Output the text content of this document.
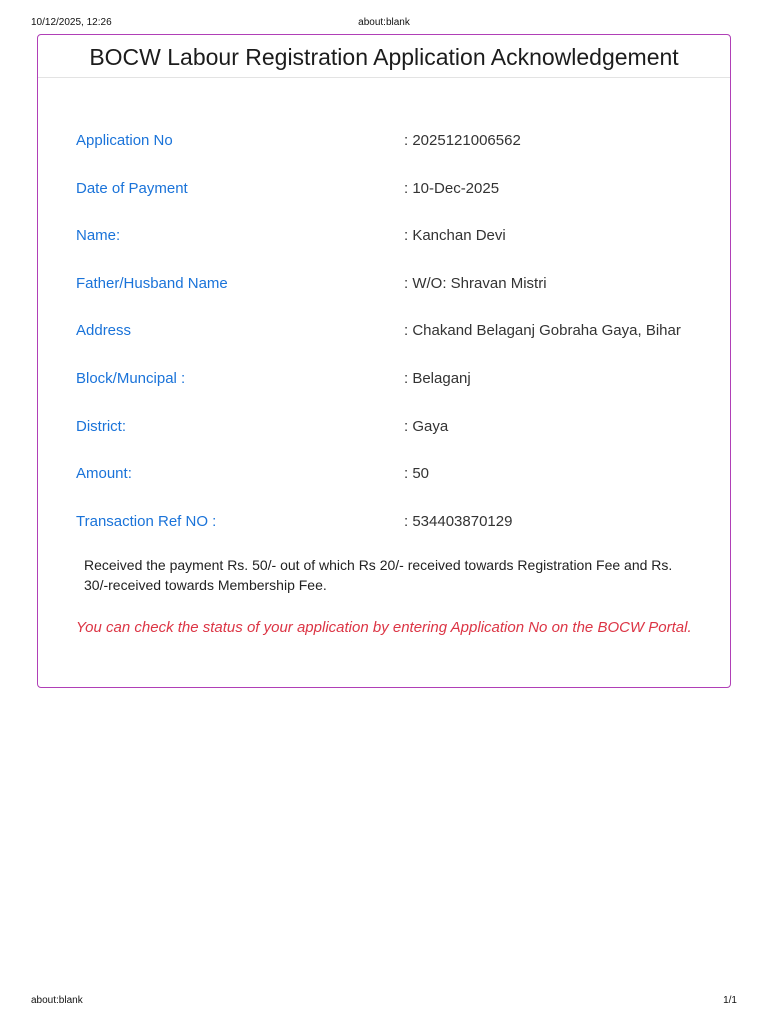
10/12/2025, 12:26	about:blank
BOCW Labour Registration Application Acknowledgement
Application No	: 2025121006562
Date of Payment	: 10-Dec-2025
Name:	: Kanchan Devi
Father/Husband Name	: W/O: Shravan Mistri
Address	: Chakand Belaganj Gobraha Gaya, Bihar
Block/Muncipal :	: Belaganj
District:	: Gaya
Amount:	: 50
Transaction Ref NO :	: 534403870129
Received the payment Rs. 50/- out of which Rs 20/- received towards Registration Fee and Rs. 30/-received towards Membership Fee.
You can check the status of your application by entering Application No on the BOCW Portal.
about:blank	1/1
